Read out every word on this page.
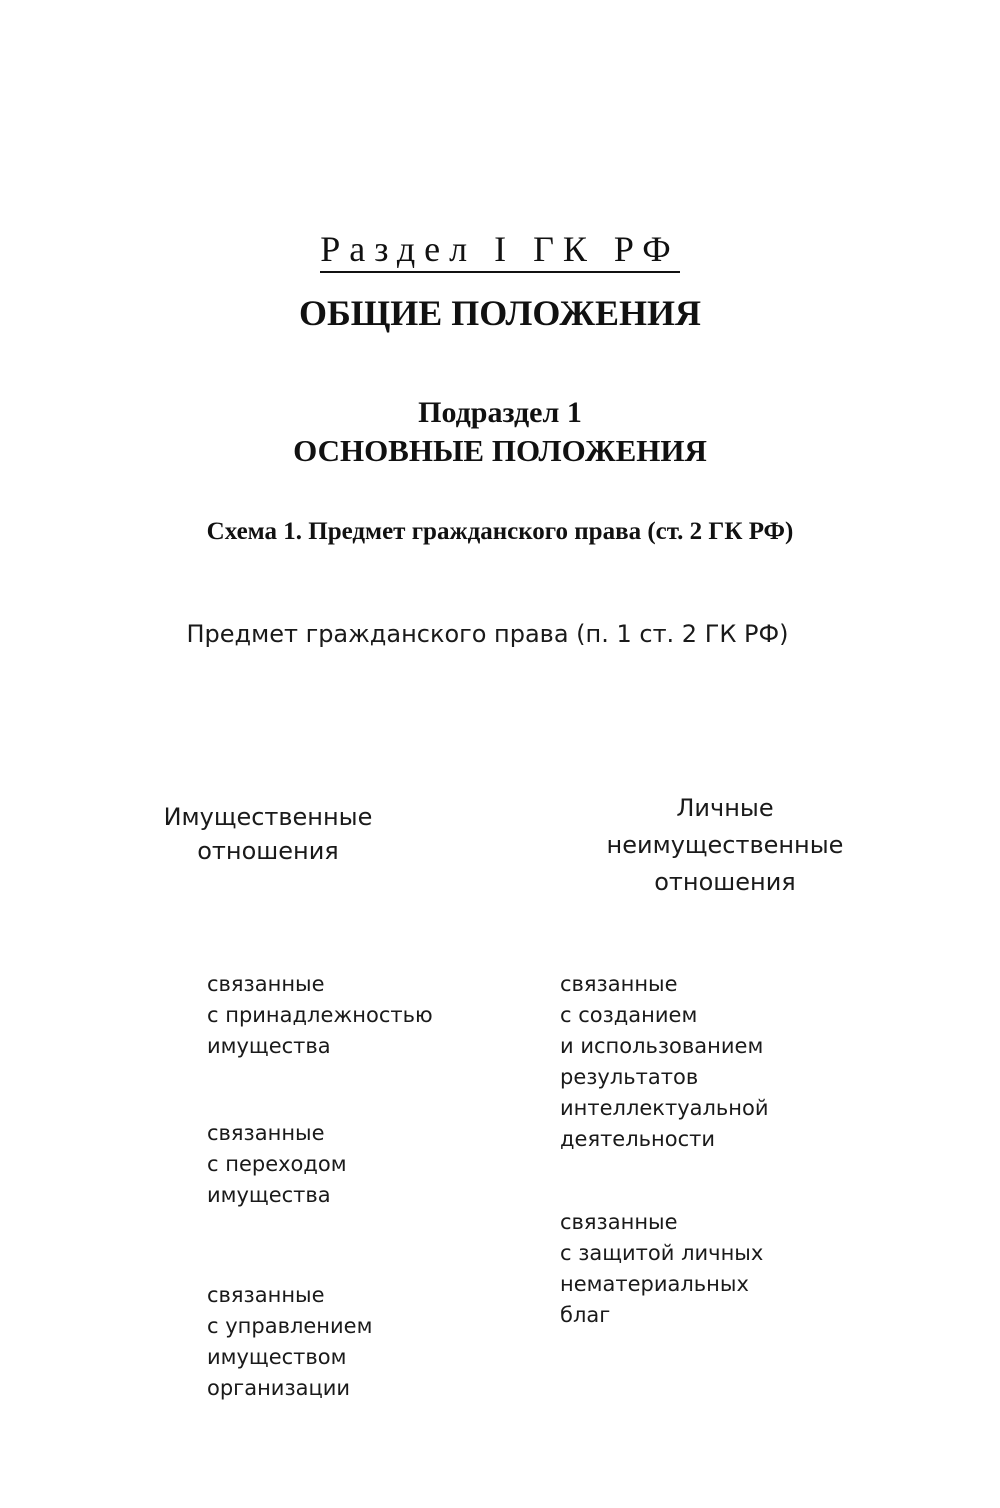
Раздел I ГК РФ
ОБЩИЕ ПОЛОЖЕНИЯ
Подраздел 1
ОСНОВНЫЕ ПОЛОЖЕНИЯ
Схема 1. Предмет гражданского права (ст. 2 ГК РФ)
Предмет гражданского права (п. 1 ст. 2 ГК РФ)
Имущественные
отношения
Личные
неимущественные
отношения
связанные
с принадлежностью
имущества
связанные
с переходом
имущества
связанные
с управлением
имуществом
организации
связанные
с созданием
и использованием
результатов
интеллектуальной
деятельности
связанные
с защитой личных
нематериальных
благ
